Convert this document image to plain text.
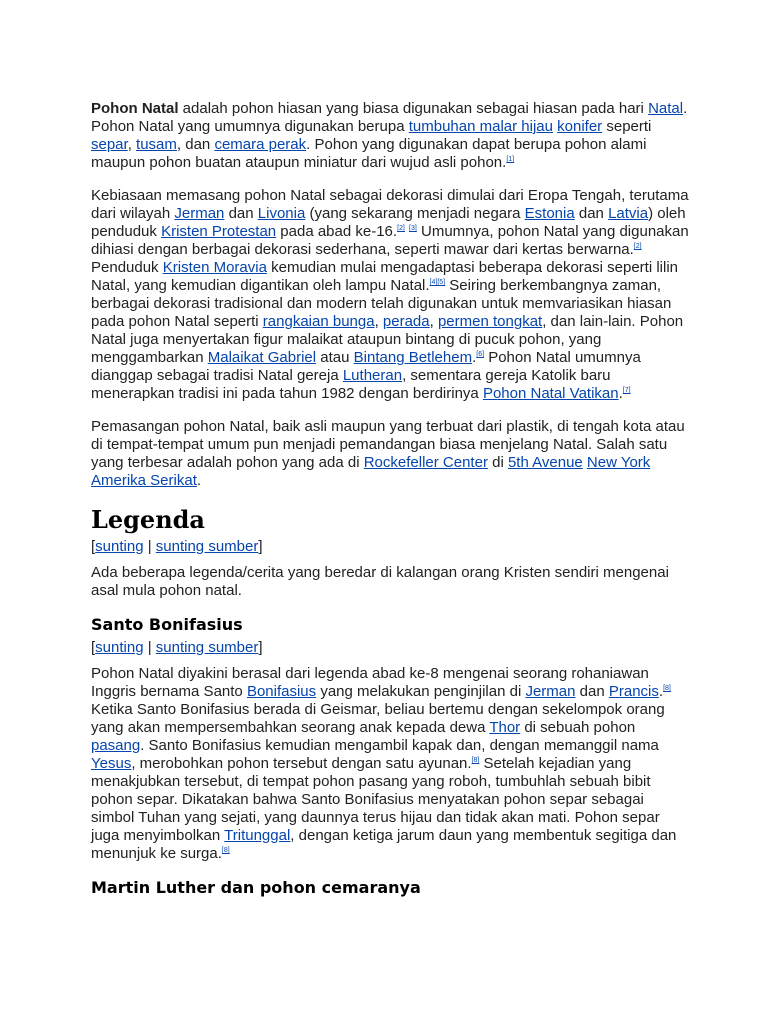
Pohon Natal adalah pohon hiasan yang biasa digunakan sebagai hiasan pada hari Natal. Pohon Natal yang umumnya digunakan berupa tumbuhan malar hijau konifer seperti separ, tusam, dan cemara perak. Pohon yang digunakan dapat berupa pohon alami maupun pohon buatan ataupun miniatur dari wujud asli pohon.[1]

Kebiasaan memasang pohon Natal sebagai dekorasi dimulai dari Eropa Tengah, terutama dari wilayah Jerman dan Livonia (yang sekarang menjadi negara Estonia dan Latvia) oleh penduduk Kristen Protestan pada abad ke-16.[2] [3] Umumnya, pohon Natal yang digunakan dihiasi dengan berbagai dekorasi sederhana, seperti mawar dari kertas berwarna.[2] Penduduk Kristen Moravia kemudian mulai mengadaptasi beberapa dekorasi seperti lilin Natal, yang kemudian digantikan oleh lampu Natal.[4][5] Seiring berkembangnya zaman, berbagai dekorasi tradisional dan modern telah digunakan untuk memvariasikan hiasan pada pohon Natal seperti rangkaian bunga, perada, permen tongkat, dan lain-lain. Pohon Natal juga menyertakan figur malaikat ataupun bintang di pucuk pohon, yang menggambarkan Malaikat Gabriel atau Bintang Betlehem.[6] Pohon Natal umumnya dianggap sebagai tradisi Natal gereja Lutheran, sementara gereja Katolik baru menerapkan tradisi ini pada tahun 1982 dengan berdirinya Pohon Natal Vatikan.[7]

Pemasangan pohon Natal, baik asli maupun yang terbuat dari plastik, di tengah kota atau di tempat-tempat umum pun menjadi pemandangan biasa menjelang Natal. Salah satu yang terbesar adalah pohon yang ada di Rockefeller Center di 5th Avenue New York Amerika Serikat.

Legenda
[sunting | sunting sumber]

Ada beberapa legenda/cerita yang beredar di kalangan orang Kristen sendiri mengenai asal mula pohon natal.

Santo Bonifasius
[sunting | sunting sumber]

Pohon Natal diyakini berasal dari legenda abad ke-8 mengenai seorang rohaniawan Inggris bernama Santo Bonifasius yang melakukan penginjilan di Jerman dan Prancis.[8] Ketika Santo Bonifasius berada di Geismar, beliau bertemu dengan sekelompok orang yang akan mempersembahkan seorang anak kepada dewa Thor di sebuah pohon pasang. Santo Bonifasius kemudian mengambil kapak dan, dengan memanggil nama Yesus, merobohkan pohon tersebut dengan satu ayunan.[8] Setelah kejadian yang menakjubkan tersebut, di tempat pohon pasang yang roboh, tumbuhlah sebuah bibit pohon separ. Dikatakan bahwa Santo Bonifasius menyatakan pohon separ sebagai simbol Tuhan yang sejati, yang daunnya terus hijau dan tidak akan mati. Pohon separ juga menyimbolkan Tritunggal, dengan ketiga jarum daun yang membentuk segitiga dan menunjuk ke surga.[8]

Martin Luther dan pohon cemaranya
